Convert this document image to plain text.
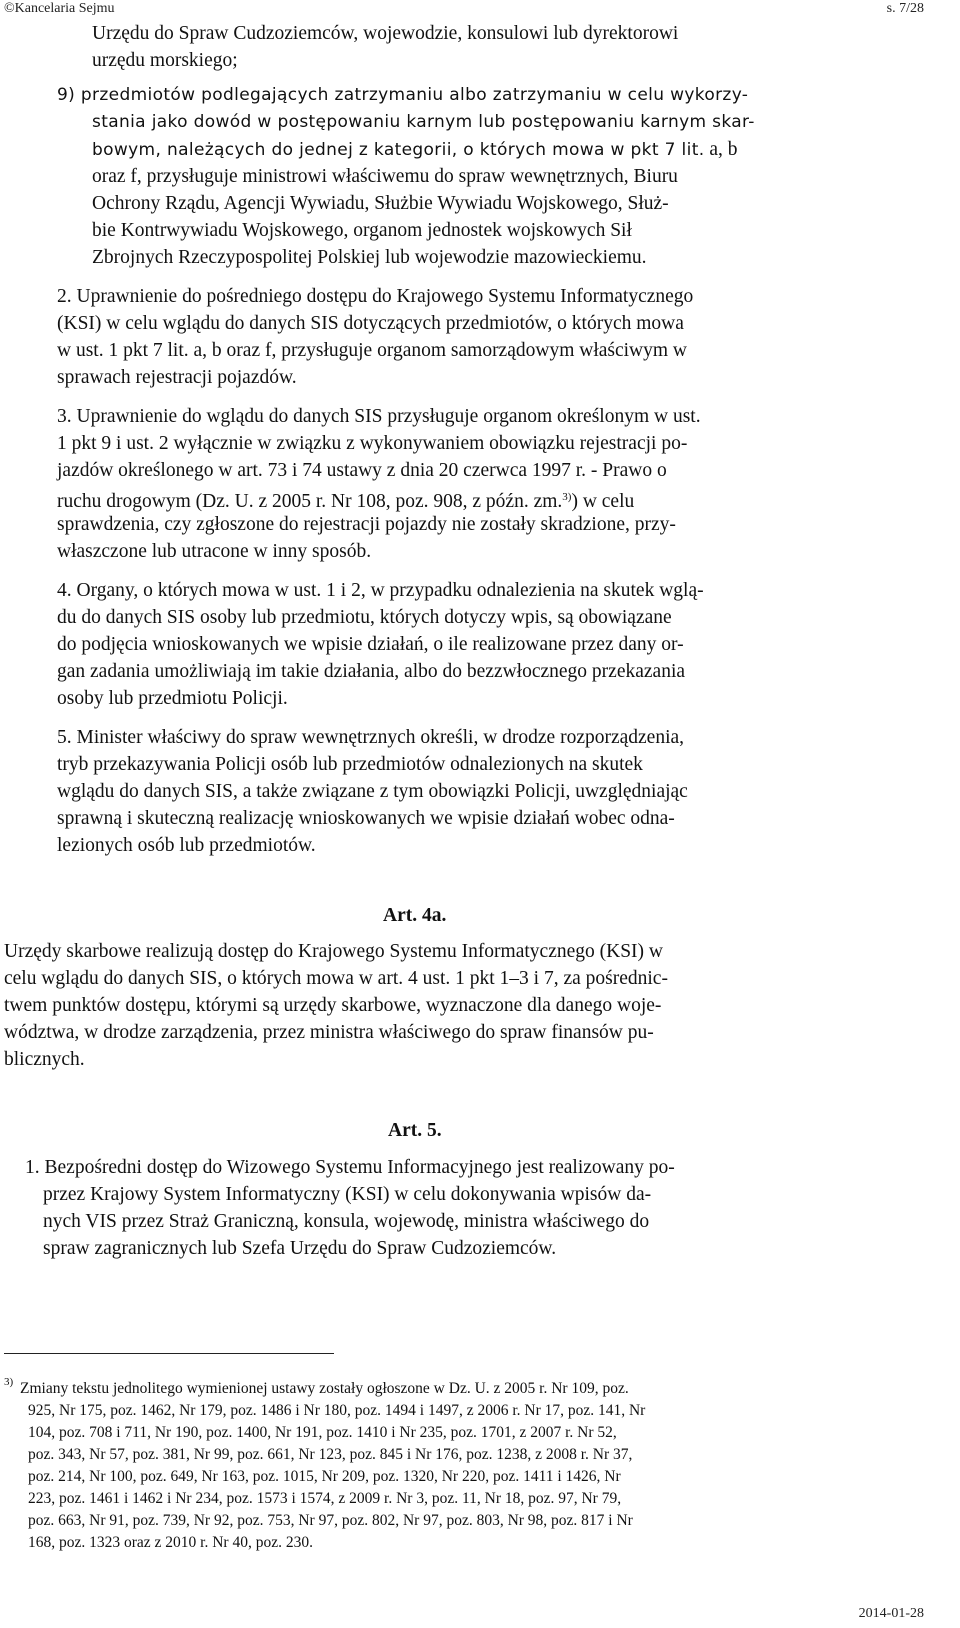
©Kancelaria Sejmu	s. 7/28
Urzędu do Spraw Cudzoziemców, wojewodzie, konsulowi lub dyrektorowi
urzędu morskiego;
9) przedmiotów podlegających zatrzymaniu albo zatrzymaniu w celu wykorzy-
stania jako dowód w postępowaniu karnym lub postępowaniu karnym skar-
bowym, należących do jednej z kategorii, o których mowa w pkt 7 lit. a, b
oraz f, przysługuje ministrowi właściwemu do spraw wewnętrznych, Biuru
Ochrony Rządu, Agencji Wywiadu, Służbie Wywiadu Wojskowego, Służ-
bie Kontrwywiadu Wojskowego, organom jednostek wojskowych Sił
Zbrojnych Rzeczypospolitej Polskiej lub wojewodzie mazowieckiemu.
2. Uprawnienie do pośredniego dostępu do Krajowego Systemu Informatycznego
(KSI) w celu wglądu do danych SIS dotyczących przedmiotów, o których mowa
w ust. 1 pkt 7 lit. a, b oraz f, przysługuje organom samorządowym właściwym w
sprawach rejestracji pojazdów.
3. Uprawnienie do wglądu do danych SIS przysługuje organom określonym w ust.
1 pkt 9 i ust. 2 wyłącznie w związku z wykonywaniem obowiązku rejestracji po-
jazdów określonego w art. 73 i 74 ustawy z dnia 20 czerwca 1997 r. - Prawo o
ruchu drogowym (Dz. U. z 2005 r. Nr 108, poz. 908, z późn. zm.$^{3)}$) w celu
sprawdzenia, czy zgłoszone do rejestracji pojazdy nie zostały skradzione, przy-
właszczone lub utracone w inny sposób.
4. Organy, o których mowa w ust. 1 i 2, w przypadku odnalezienia na skutek wglą-
du do danych SIS osoby lub przedmiotu, których dotyczy wpis, są obowiązane
do podjęcia wnioskowanych we wpisie działań, o ile realizowane przez dany or-
gan zadania umożliwiają im takie działania, albo do bezzwłocznego przekazania
osoby lub przedmiotu Policji.
5. Minister właściwy do spraw wewnętrznych określi, w drodze rozporządzenia,
tryb przekazywania Policji osób lub przedmiotów odnalezionych na skutek
wglądu do danych SIS, a także związane z tym obowiązki Policji, uwzględniając
sprawną i skuteczną realizację wnioskowanych we wpisie działań wobec odna-
lezionych osób lub przedmiotów.
Art. 4a.
Urzędy skarbowe realizują dostęp do Krajowego Systemu Informatycznego (KSI) w
celu wglądu do danych SIS, o których mowa w art. 4 ust. 1 pkt 1–3 i 7, za pośrednic-
twem punktów dostępu, którymi są urzędy skarbowe, wyznaczone dla danego woje-
wództwa, w drodze zarządzenia, przez ministra właściwego do spraw finansów pu-
blicznych.
Art. 5.
1. Bezpośredni dostęp do Wizowego Systemu Informacyjnego jest realizowany po-
przez Krajowy System Informatyczny (KSI) w celu dokonywania wpisów da-
nych VIS przez Straż Graniczną, konsula, wojewodę, ministra właściwego do
spraw zagranicznych lub Szefa Urzędu do Spraw Cudzoziemców.
3) Zmiany tekstu jednolitego wymienionej ustawy zostały ogłoszone w Dz. U. z 2005 r. Nr 109, poz.
925, Nr 175, poz. 1462, Nr 179, poz. 1486 i Nr 180, poz. 1494 i 1497, z 2006 r. Nr 17, poz. 141, Nr
104, poz. 708 i 711, Nr 190, poz. 1400, Nr 191, poz. 1410 i Nr 235, poz. 1701, z 2007 r. Nr 52,
poz. 343, Nr 57, poz. 381, Nr 99, poz. 661, Nr 123, poz. 845 i Nr 176, poz. 1238, z 2008 r. Nr 37,
poz. 214, Nr 100, poz. 649, Nr 163, poz. 1015, Nr 209, poz. 1320, Nr 220, poz. 1411 i 1426, Nr
223, poz. 1461 i 1462 i Nr 234, poz. 1573 i 1574, z 2009 r. Nr 3, poz. 11, Nr 18, poz. 97, Nr 79,
poz. 663, Nr 91, poz. 739, Nr 92, poz. 753, Nr 97, poz. 802, Nr 97, poz. 803, Nr 98, poz. 817 i Nr
168, poz. 1323 oraz z 2010 r. Nr 40, poz. 230.
2014-01-28
